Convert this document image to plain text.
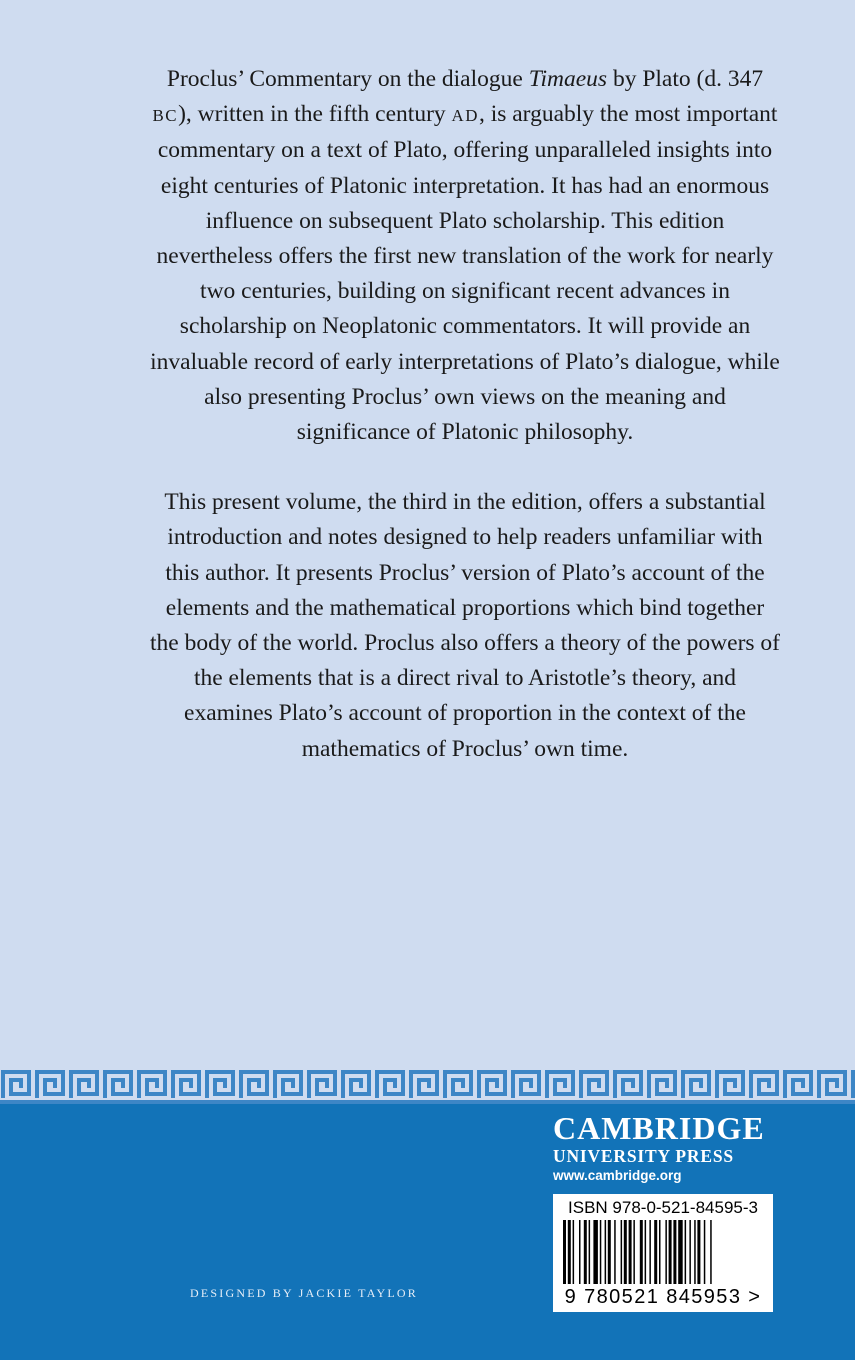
Proclus’ Commentary on the dialogue Timaeus by Plato (d. 347 BC), written in the fifth century AD, is arguably the most important commentary on a text of Plato, offering unparalleled insights into eight centuries of Platonic interpretation. It has had an enormous influence on subsequent Plato scholarship. This edition nevertheless offers the first new translation of the work for nearly two centuries, building on significant recent advances in scholarship on Neoplatonic commentators. It will provide an invaluable record of early interpretations of Plato’s dialogue, while also presenting Proclus’ own views on the meaning and significance of Platonic philosophy.

This present volume, the third in the edition, offers a substantial introduction and notes designed to help readers unfamiliar with this author. It presents Proclus’ version of Plato’s account of the elements and the mathematical proportions which bind together the body of the world. Proclus also offers a theory of the powers of the elements that is a direct rival to Aristotle’s theory, and examines Plato’s account of proportion in the context of the mathematics of Proclus’ own time.

CAMBRIDGE
UNIVERSITY PRESS
www.cambridge.org
ISBN 978-0-521-84595-3
9 780521 845953 >
DESIGNED BY JACKIE TAYLOR
